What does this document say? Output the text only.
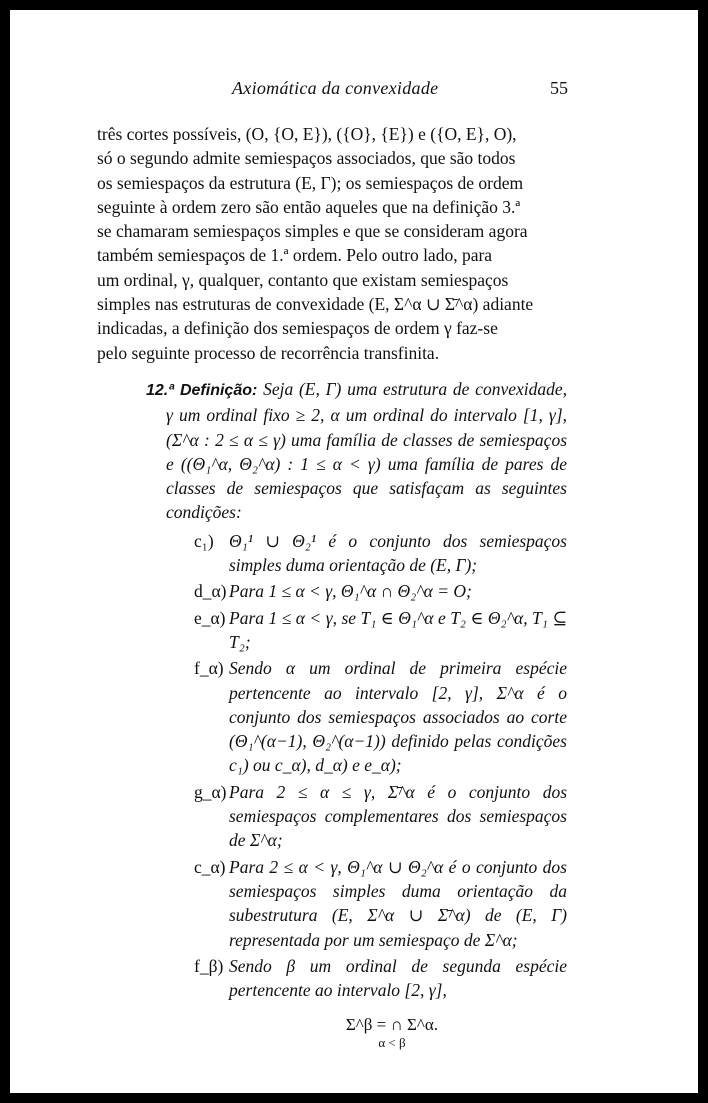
Axiomática da convexidade	55

três cortes possíveis, (O, {O, E}), ({O}, {E}) e ({O, E}, O),

só o segundo admite semiespaços associados, que são todos

os semiespaços da estrutura (E, Γ); os semiespaços de ordem

seguinte à ordem zero são então aqueles que na definição 3.ª

se chamaram semiespaços simples e que se consideram agora

também semiespaços de 1.ª ordem. Pelo outro lado, para

um ordinal, γ, qualquer, contanto que existam semiespaços

simples nas estruturas de convexidade (E, Σ^α ∪ Σ̄^α) adiante

indicadas, a definição dos semiespaços de ordem γ faz-se

pelo seguinte processo de recorrência transfinita.

12.ª Definição: Seja (E, Γ) uma estrutura de convexidade, γ um ordinal fixo ≥ 2, α um ordinal do intervalo [1, γ], (Σ^α : 2 ≤ α ≤ γ) uma família de classes de semiespaços e ((Θ₁^α, Θ₂^α) : 1 ≤ α < γ) uma família de pares de classes de semiespaços que satisfaçam as seguintes condições:
c₁) Θ₁¹ ∪ Θ₂¹ é o conjunto dos semiespaços simples duma orientação de (E, Γ);
d_α) Para 1 ≤ α < γ, Θ₁^α ∩ Θ₂^α = O;
e_α) Para 1 ≤ α < γ, se T₁ ∈ Θ₁^α e T₂ ∈ Θ₂^α, T₁ ⊆ T₂;
f_α) Sendo α um ordinal de primeira espécie pertencente ao intervalo [2, γ], Σ^α é o conjunto dos semiespaços associados ao corte (Θ₁^(α−1), Θ₂^(α−1)) definido pelas condições c₁) ou c_α), d_α) e e_α);
g_α) Para 2 ≤ α ≤ γ, Σ̄^α é o conjunto dos semiespaços complementares dos semiespaços de Σ^α;
c_α) Para 2 ≤ α < γ, Θ₁^α ∪ Θ₂^α é o conjunto dos semiespaços simples duma orientação da subestrutura (E, Σ^α ∪ Σ̄^α) de (E, Γ) representada por um semiespaço de Σ^α;
f_β) Sendo β um ordinal de segunda espécie pertencente ao intervalo [2, γ],
Σ^β = ∩ Σ^α.
α < β
